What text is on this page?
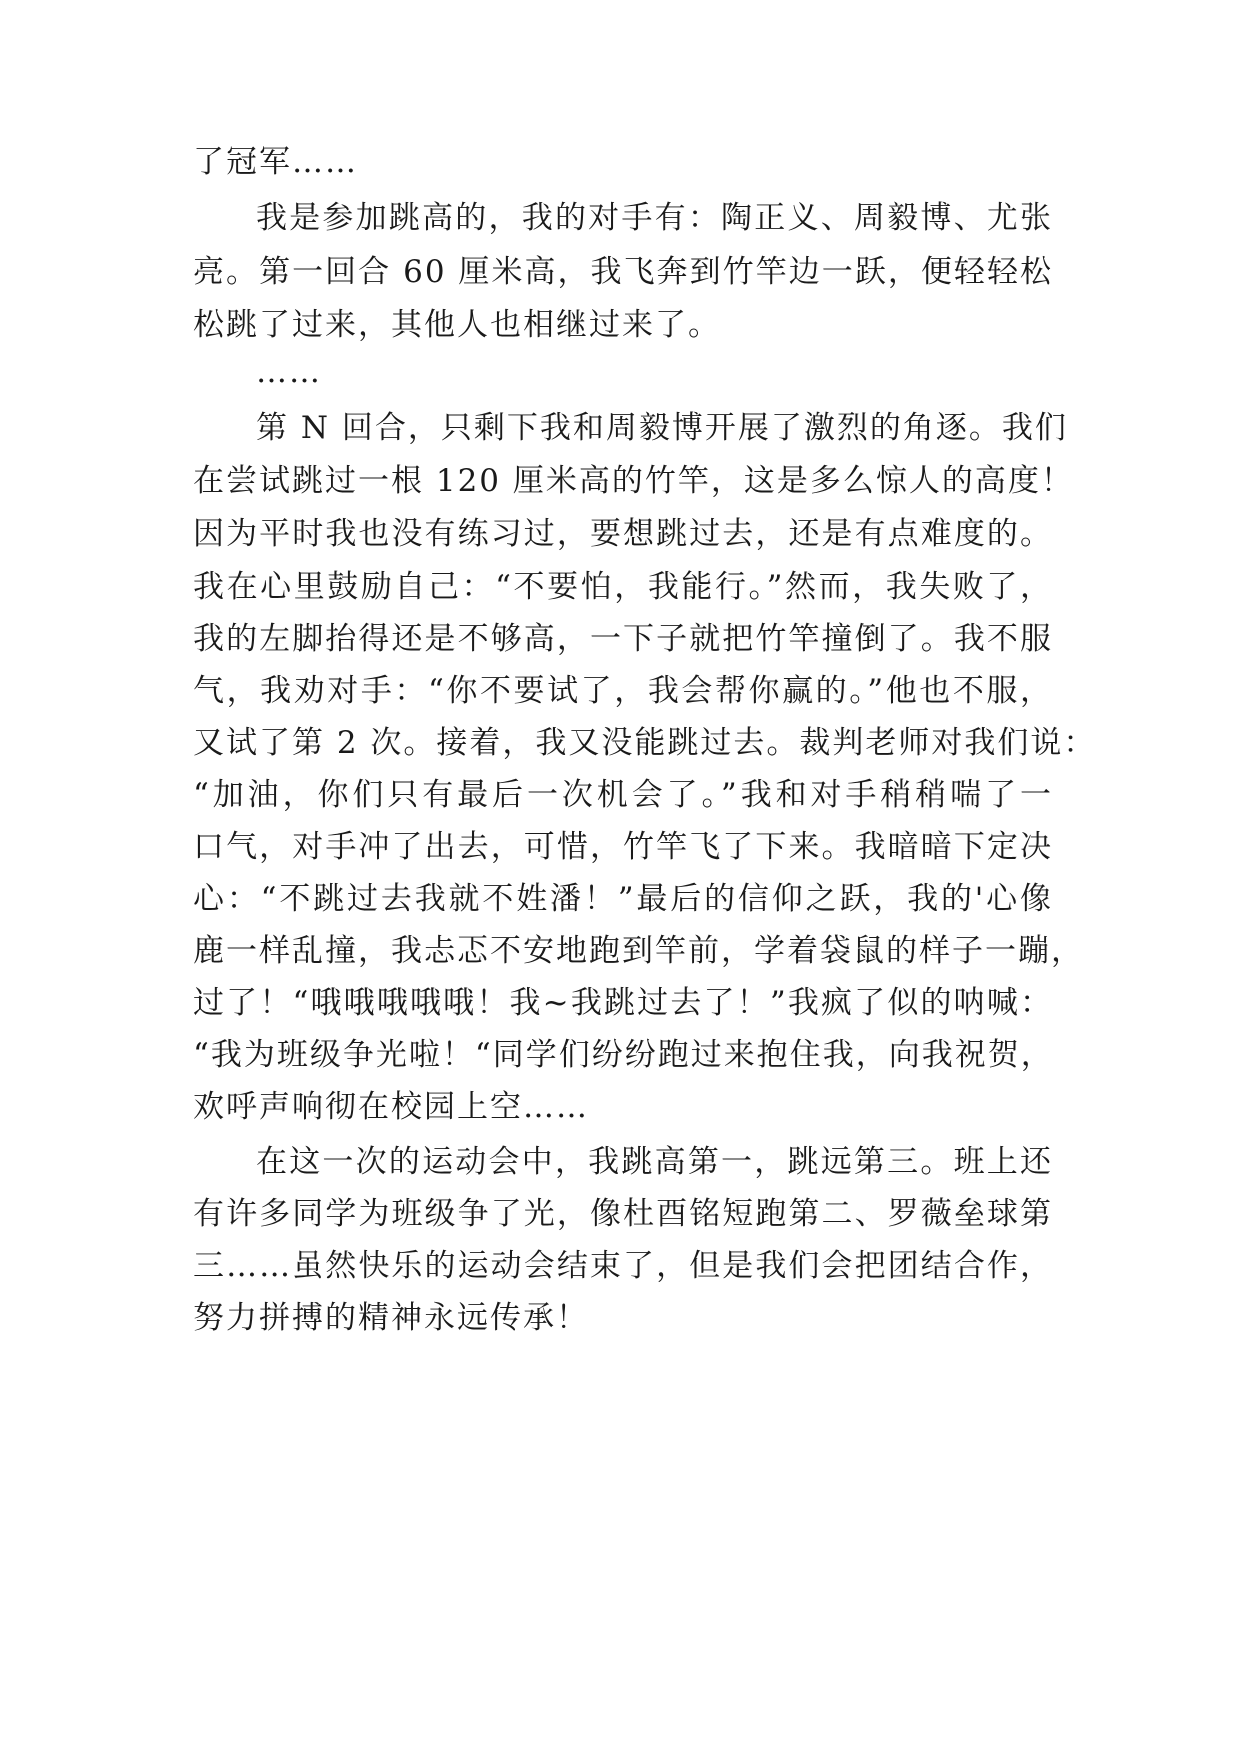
了冠军……
我是参加跳高的，我的对手有：陶正义、周毅博、尤张
亮。第一回合 60 厘米高，我飞奔到竹竿边一跃，便轻轻松
松跳了过来，其他人也相继过来了。
……
第 N 回合，只剩下我和周毅博开展了激烈的角逐。我们
在尝试跳过一根 120 厘米高的竹竿，这是多么惊人的高度！
因为平时我也没有练习过，要想跳过去，还是有点难度的。
我在心里鼓励自己：“不要怕，我能行。”然而，我失败了，
我的左脚抬得还是不够高，一下子就把竹竿撞倒了。我不服
气，我劝对手：“你不要试了，我会帮你赢的。”他也不服，
又试了第 2 次。接着，我又没能跳过去。裁判老师对我们说：
“加油，你们只有最后一次机会了。”我和对手稍稍喘了一
口气，对手冲了出去，可惜，竹竿飞了下来。我暗暗下定决
心：“不跳过去我就不姓潘！”最后的信仰之跃，我的'心像
鹿一样乱撞，我忐忑不安地跑到竿前，学着袋鼠的样子一蹦，
过了！“哦哦哦哦哦！我~我跳过去了！”我疯了似的呐喊：
“我为班级争光啦！“同学们纷纷跑过来抱住我，向我祝贺，
欢呼声响彻在校园上空……
在这一次的运动会中，我跳高第一，跳远第三。班上还
有许多同学为班级争了光，像杜酉铭短跑第二、罗薇垒球第
三……虽然快乐的运动会结束了，但是我们会把团结合作，
努力拼搏的精神永远传承！
